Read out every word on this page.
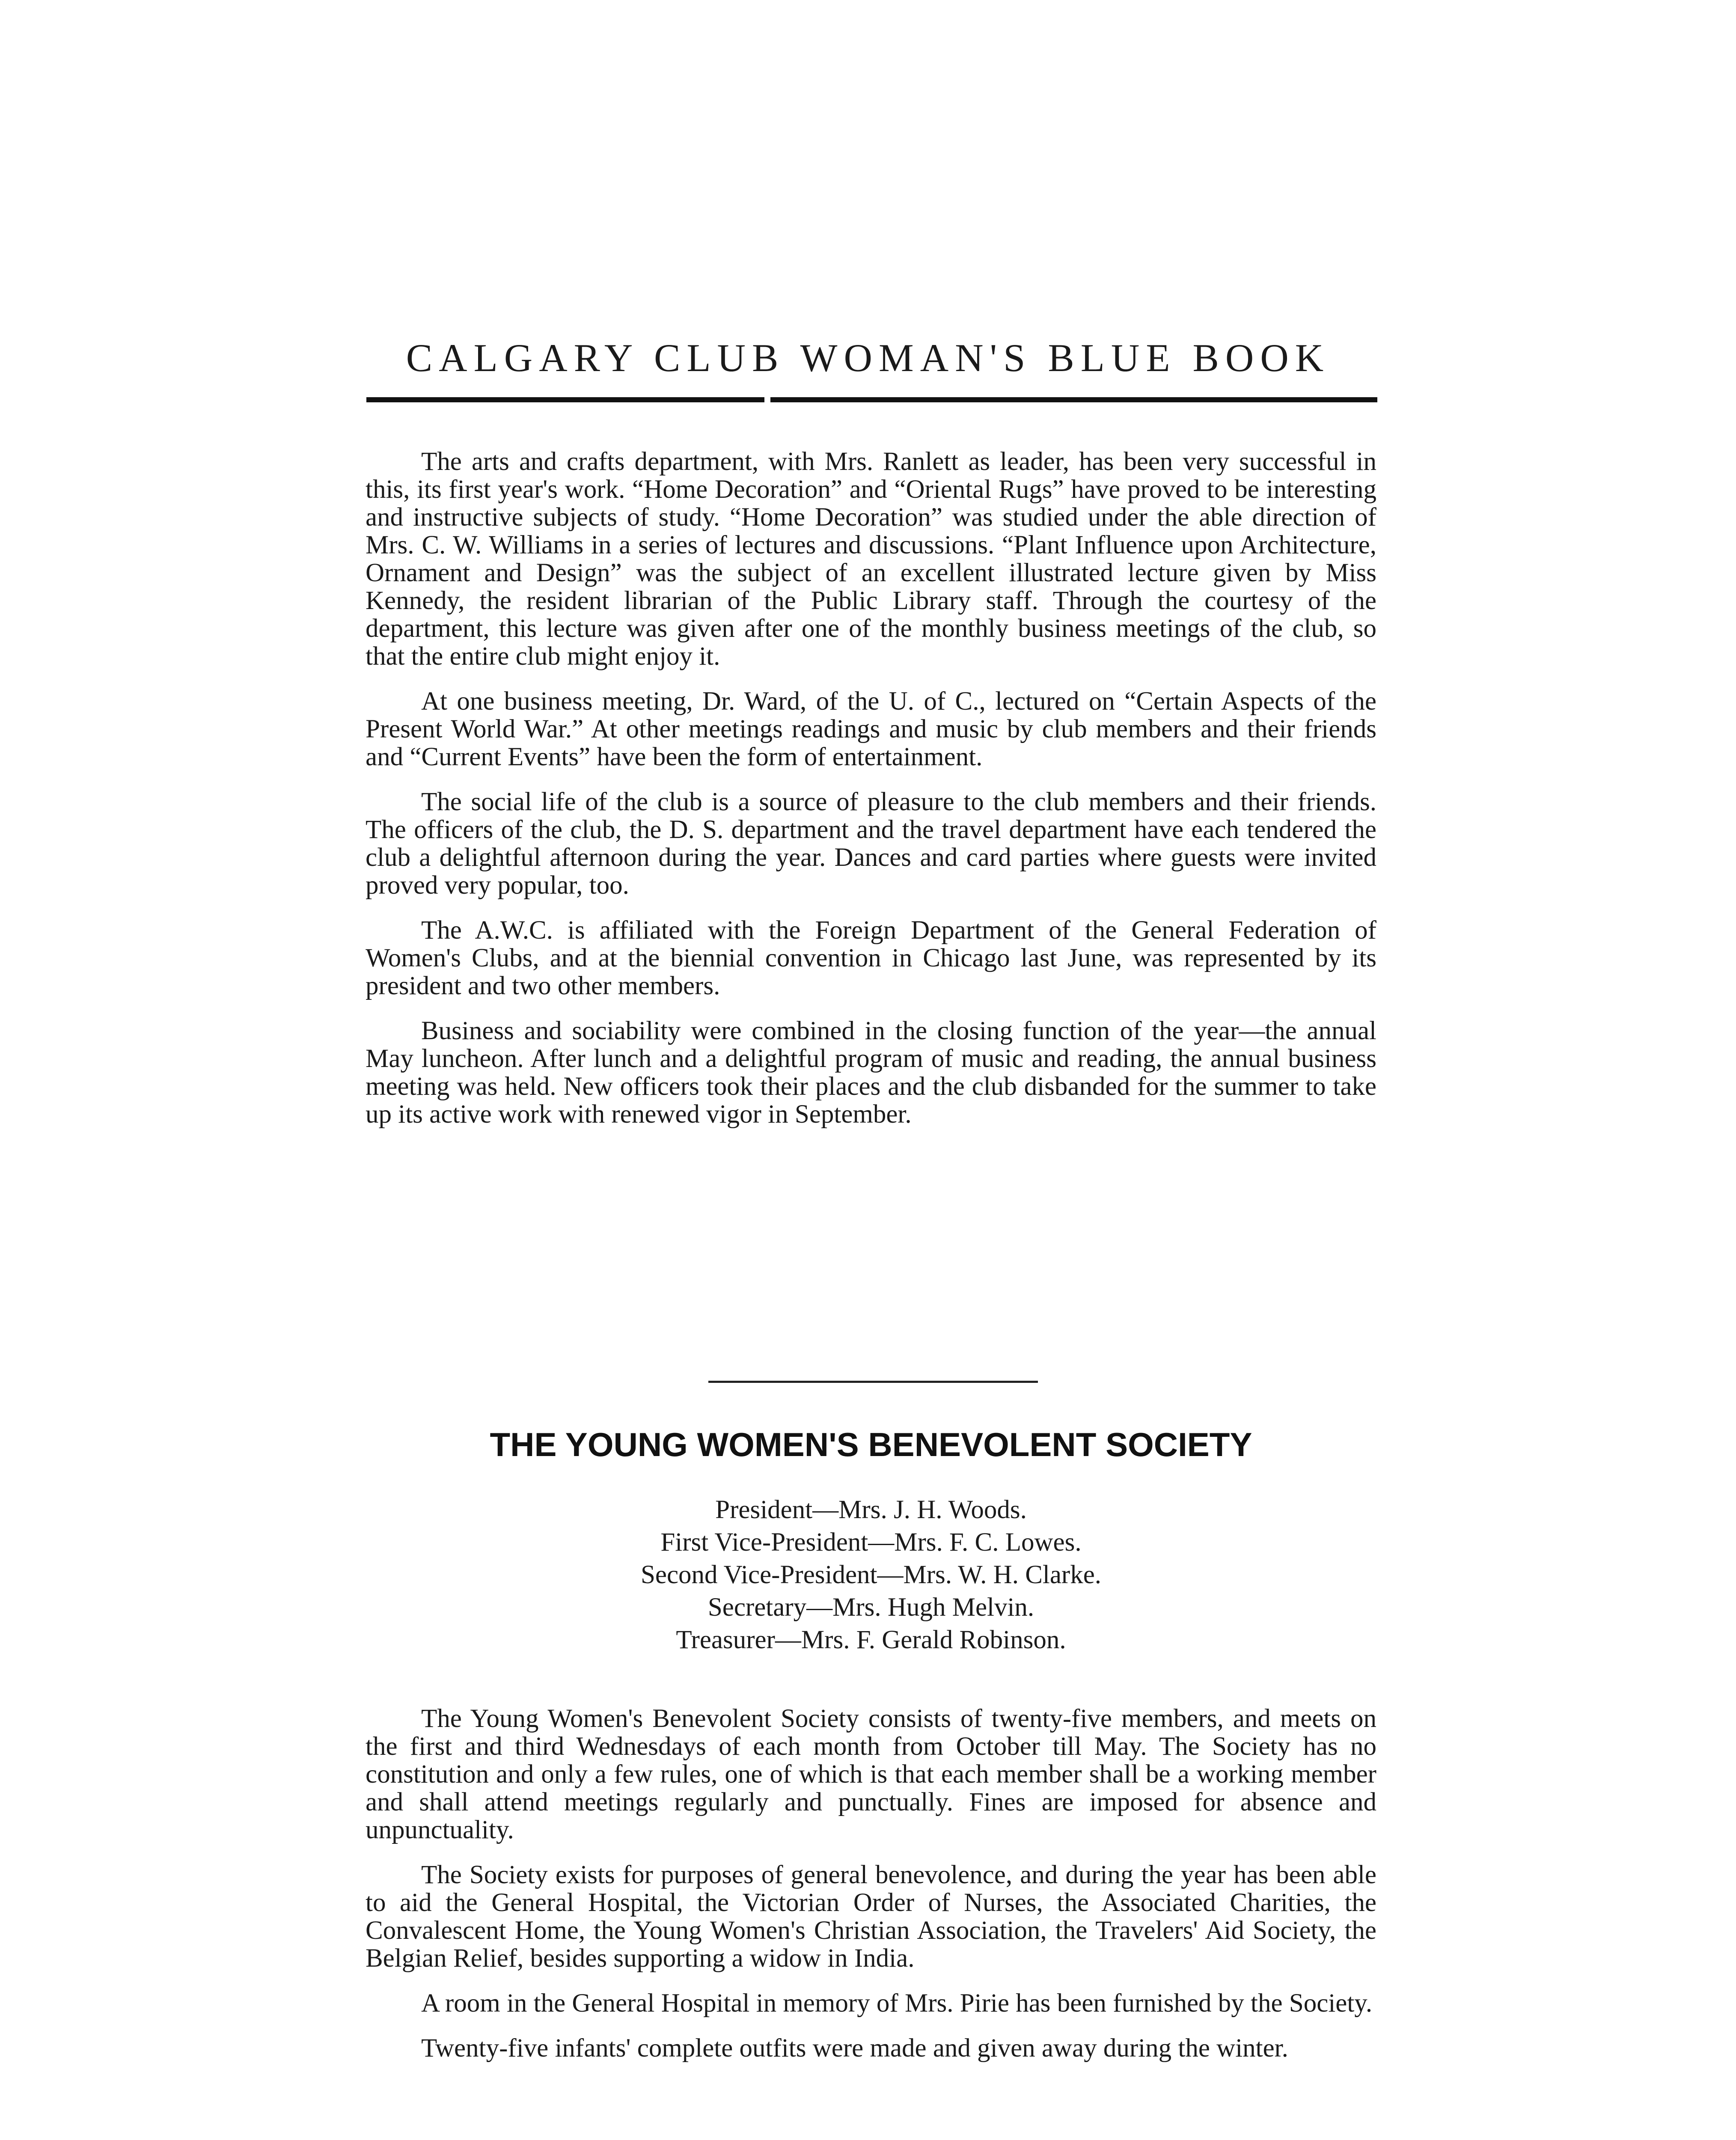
CALGARY CLUB WOMAN'S BLUE BOOK

The arts and crafts department, with Mrs. Ranlett as leader, has been very successful in this, its first year's work. “Home Decoration” and “Oriental Rugs” have proved to be interesting and instructive subjects of study. “Home Decoration” was studied under the able direction of Mrs. C. W. Williams in a series of lectures and discussions. “Plant Influence upon Architecture, Ornament and Design” was the subject of an excellent illustrated lecture given by Miss Kennedy, the resident librarian of the Public Library staff. Through the courtesy of the department, this lecture was given after one of the monthly business meetings of the club, so that the entire club might enjoy it.

At one business meeting, Dr. Ward, of the U. of C., lectured on “Certain Aspects of the Present World War.” At other meetings readings and music by club members and their friends and “Current Events” have been the form of entertainment.

The social life of the club is a source of pleasure to the club members and their friends. The officers of the club, the D. S. department and the travel department have each tendered the club a delightful afternoon during the year. Dances and card parties where guests were invited proved very popular, too.

The A.W.C. is affiliated with the Foreign Department of the General Federation of Women's Clubs, and at the biennial convention in Chicago last June, was represented by its president and two other members.

Business and sociability were combined in the closing function of the year—the annual May luncheon. After lunch and a delightful program of music and reading, the annual business meeting was held. New officers took their places and the club disbanded for the summer to take up its active work with renewed vigor in September.

THE YOUNG WOMEN'S BENEVOLENT SOCIETY
President—Mrs. J. H. Woods.
First Vice-President—Mrs. F. C. Lowes.
Second Vice-President—Mrs. W. H. Clarke.
Secretary—Mrs. Hugh Melvin.
Treasurer—Mrs. F. Gerald Robinson.

The Young Women's Benevolent Society consists of twenty-five members, and meets on the first and third Wednesdays of each month from October till May. The Society has no constitution and only a few rules, one of which is that each member shall be a working member and shall attend meetings regularly and punctually. Fines are imposed for absence and unpunctuality.

The Society exists for purposes of general benevolence, and during the year has been able to aid the General Hospital, the Victorian Order of Nurses, the Associated Charities, the Convalescent Home, the Young Women's Christian Association, the Travelers' Aid Society, the Belgian Relief, besides supporting a widow in India.

A room in the General Hospital in memory of Mrs. Pirie has been furnished by the Society.

Twenty-five infants' complete outfits were made and given away during the winter.
